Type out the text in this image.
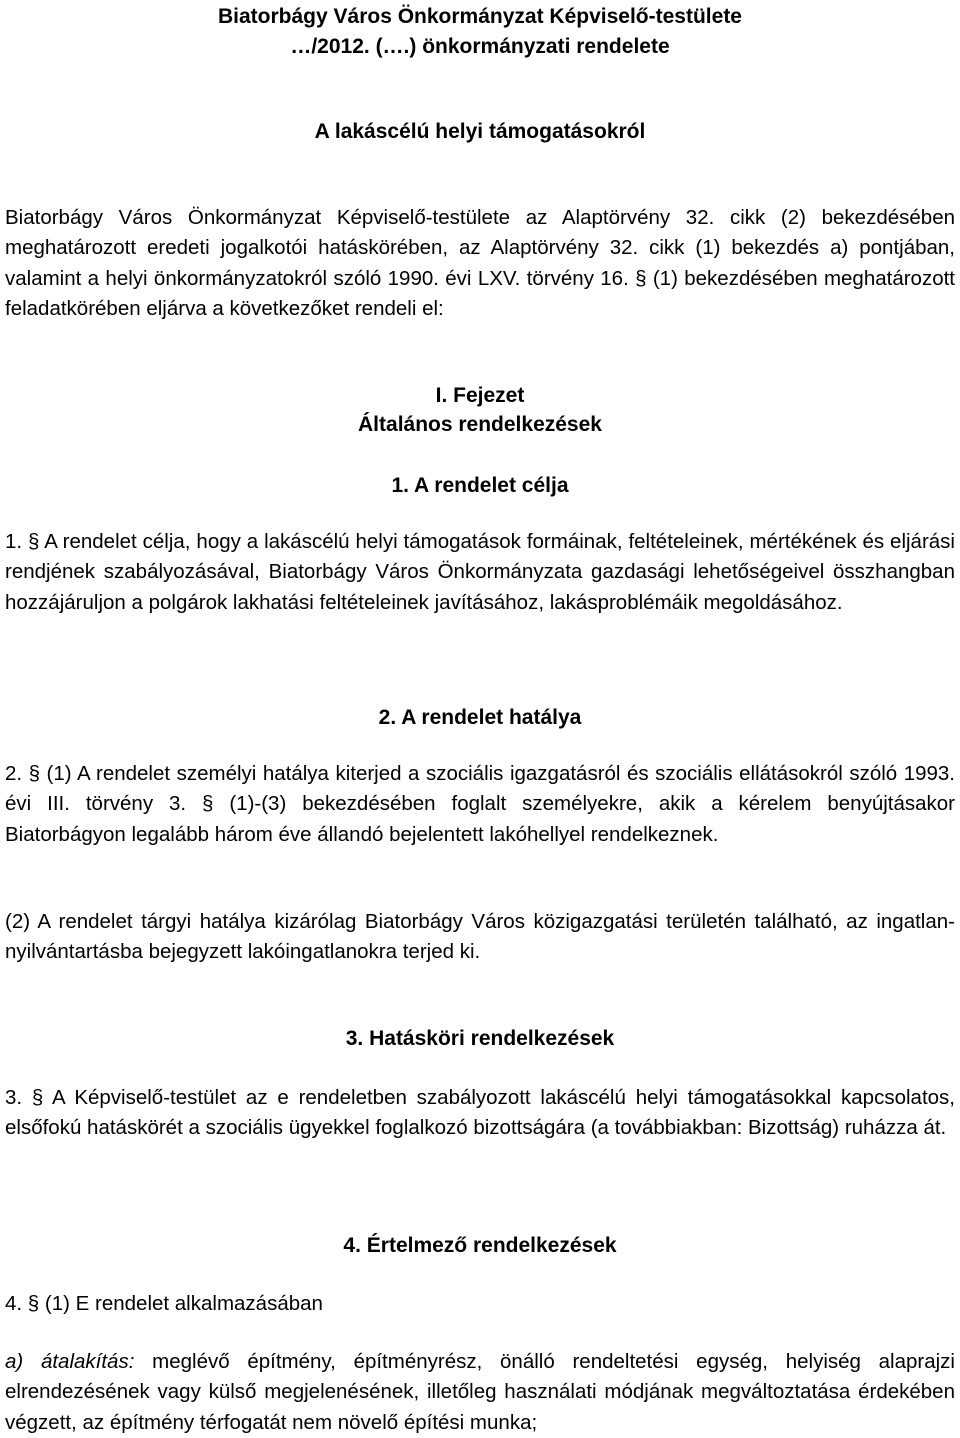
Biatorbágy Város Önkormányzat Képviselő-testülete
…/2012. (….) önkormányzati rendelete
A lakáscélú helyi támogatásokról
Biatorbágy Város Önkormányzat Képviselő-testülete az Alaptörvény 32. cikk (2) bekezdésében meghatározott eredeti jogalkotói hatáskörében, az Alaptörvény 32. cikk (1) bekezdés a) pontjában, valamint a helyi önkormányzatokról szóló 1990. évi LXV. törvény 16. § (1) bekezdésében meghatározott feladatkörében eljárva a következőket rendeli el:
I. Fejezet
Általános rendelkezések
1. A rendelet célja
1. § A rendelet célja, hogy a lakáscélú helyi támogatások formáinak, feltételeinek, mértékének és eljárási rendjének szabályozásával, Biatorbágy Város Önkormányzata gazdasági lehetőségeivel összhangban hozzájáruljon a polgárok lakhatási feltételeinek javításához, lakásproblémáik megoldásához.
2. A rendelet hatálya
2. § (1) A rendelet személyi hatálya kiterjed a szociális igazgatásról és szociális ellátásokról szóló 1993. évi III. törvény 3. § (1)-(3) bekezdésében foglalt személyekre, akik a kérelem benyújtásakor Biatorbágyon legalább három éve állandó bejelentett lakóhellyel rendelkeznek.
(2) A rendelet tárgyi hatálya kizárólag Biatorbágy Város közigazgatási területén található, az ingatlan-nyilvántartásba bejegyzett lakóingatlanokra terjed ki.
3. Hatásköri rendelkezések
3. § A Képviselő-testület az e rendeletben szabályozott lakáscélú helyi támogatásokkal kapcsolatos, elsőfokú hatáskörét a szociális ügyekkel foglalkozó bizottságára (a továbbiakban: Bizottság) ruházza át.
4. Értelmező rendelkezések
4. § (1) E rendelet alkalmazásában
a) átalakítás: meglévő építmény, építményrész, önálló rendeltetési egység, helyiség alaprajzi elrendezésének vagy külső megjelenésének, illetőleg használati módjának megváltoztatása érdekében végzett, az építmény térfogatát nem növelő építési munka;
